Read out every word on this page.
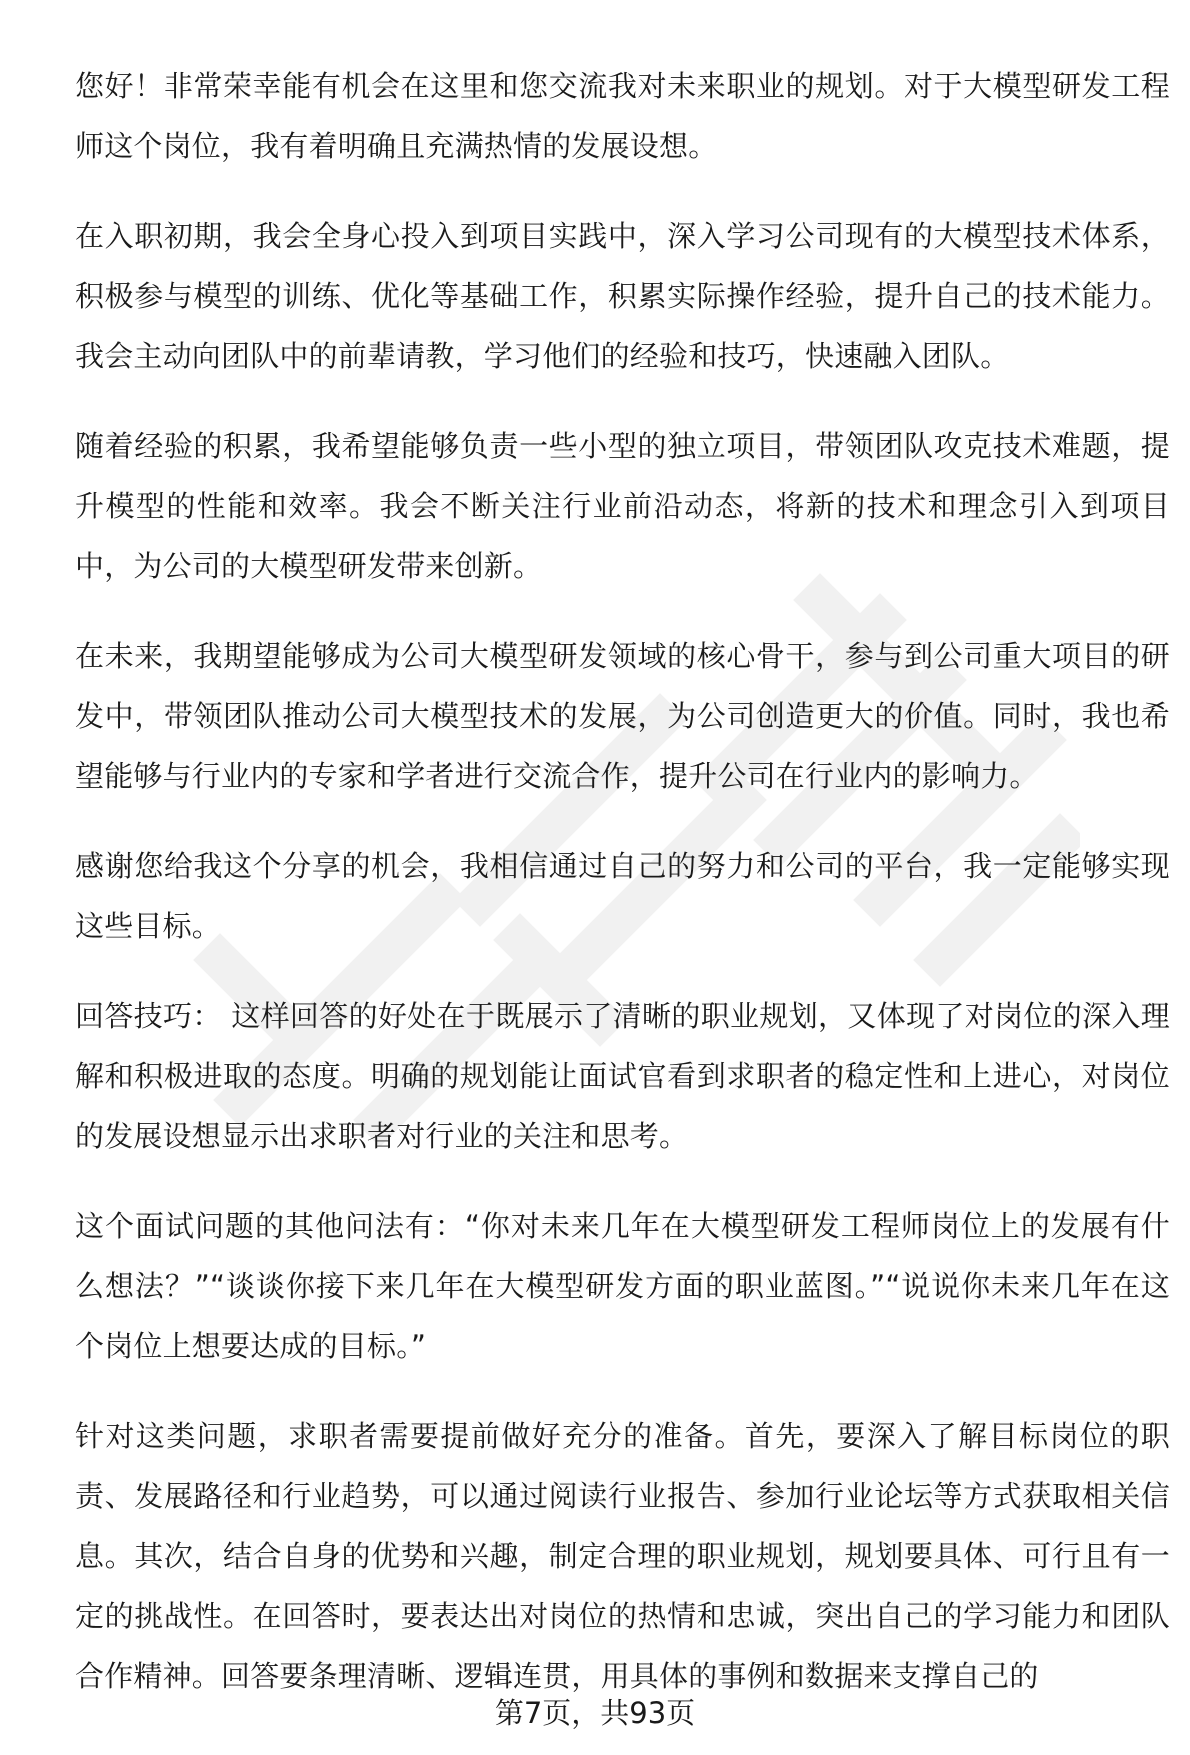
您好！非常荣幸能有机会在这里和您交流我对未来职业的规划。对于大模型研发工程师这个岗位，我有着明确且充满热情的发展设想。

在入职初期，我会全身心投入到项目实践中，深入学习公司现有的大模型技术体系，积极参与模型的训练、优化等基础工作，积累实际操作经验，提升自己的技术能力。我会主动向团队中的前辈请教，学习他们的经验和技巧，快速融入团队。

随着经验的积累，我希望能够负责一些小型的独立项目，带领团队攻克技术难题，提升模型的性能和效率。我会不断关注行业前沿动态，将新的技术和理念引入到项目中，为公司的大模型研发带来创新。

在未来，我期望能够成为公司大模型研发领域的核心骨干，参与到公司重大项目的研发中，带领团队推动公司大模型技术的发展，为公司创造更大的价值。同时，我也希望能够与行业内的专家和学者进行交流合作，提升公司在行业内的影响力。

感谢您给我这个分享的机会，我相信通过自己的努力和公司的平台，我一定能够实现这些目标。

回答技巧： 这样回答的好处在于既展示了清晰的职业规划，又体现了对岗位的深入理解和积极进取的态度。明确的规划能让面试官看到求职者的稳定性和上进心，对岗位的发展设想显示出求职者对行业的关注和思考。

这个面试问题的其他问法有：“你对未来几年在大模型研发工程师岗位上的发展有什么想法？”“谈谈你接下来几年在大模型研发方面的职业蓝图。”“说说你未来几年在这个岗位上想要达成的目标。”

针对这类问题，求职者需要提前做好充分的准备。首先，要深入了解目标岗位的职责、发展路径和行业趋势，可以通过阅读行业报告、参加行业论坛等方式获取相关信息。其次，结合自身的优势和兴趣，制定合理的职业规划，规划要具体、可行且有一定的挑战性。在回答时，要表达出对岗位的热情和忠诚，突出自己的学习能力和团队合作精神。回答要条理清晰、逻辑连贯，用具体的事例和数据来支撑自己的

第7页，共93页
